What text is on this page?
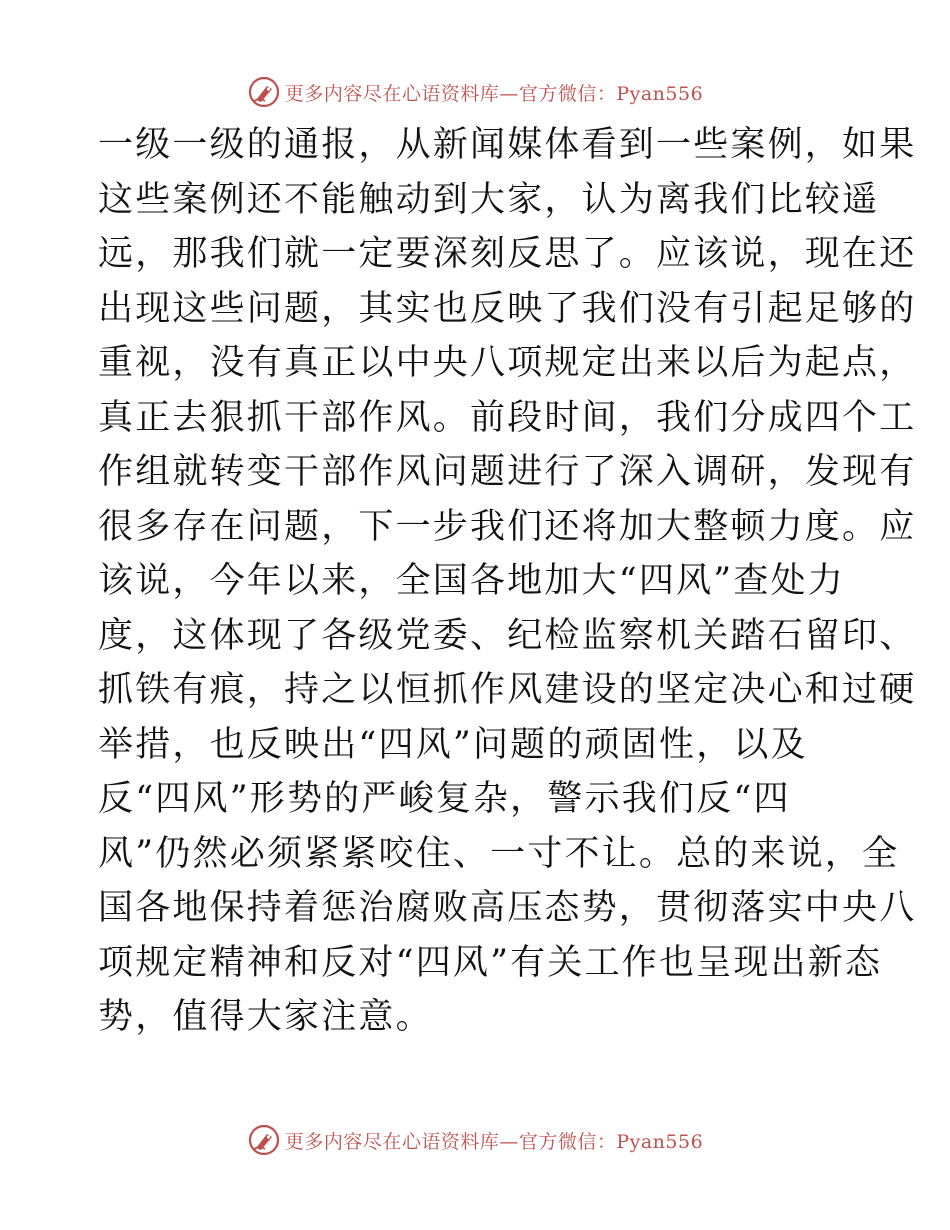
更多内容尽在心语资料库—官方微信：Pyan556

一级一级的通报，从新闻媒体看到一些案例，如果

这些案例还不能触动到大家，认为离我们比较遥

远，那我们就一定要深刻反思了。应该说，现在还

出现这些问题，其实也反映了我们没有引起足够的

重视，没有真正以中央八项规定出来以后为起点，

真正去狠抓干部作风。前段时间，我们分成四个工

作组就转变干部作风问题进行了深入调研，发现有

很多存在问题，下一步我们还将加大整顿力度。应

该说，今年以来，全国各地加大“四风”查处力

度，这体现了各级党委、纪检监察机关踏石留印、

抓铁有痕，持之以恒抓作风建设的坚定决心和过硬

举措，也反映出“四风”问题的顽固性，以及

反“四风”形势的严峻复杂，警示我们反“四

风”仍然必须紧紧咬住、一寸不让。总的来说，全

国各地保持着惩治腐败高压态势，贯彻落实中央八

项规定精神和反对“四风”有关工作也呈现出新态

势，值得大家注意。

更多内容尽在心语资料库—官方微信：Pyan556
